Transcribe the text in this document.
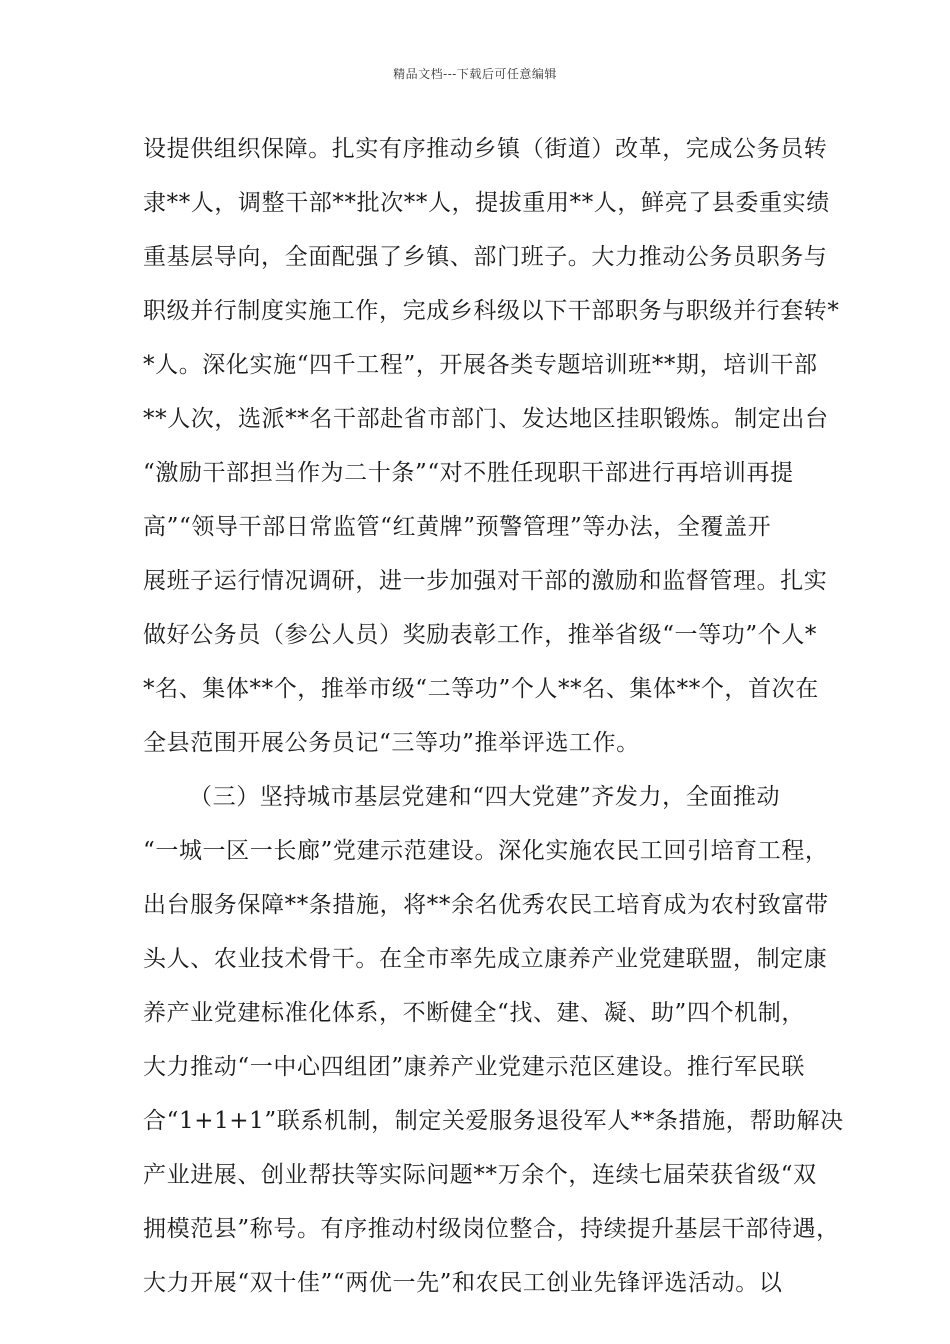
精品文档---下载后可任意编辑
设提供组织保障。扎实有序推动乡镇（街道）改革，完成公务员转
隶**人，调整干部**批次**人，提拔重用**人，鲜亮了县委重实绩
重基层导向，全面配强了乡镇、部门班子。大力推动公务员职务与
职级并行制度实施工作，完成乡科级以下干部职务与职级并行套转*
*人。深化实施“四千工程”，开展各类专题培训班**期，培训干部
**人次，选派**名干部赴省市部门、发达地区挂职锻炼。制定出台
“激励干部担当作为二十条”“对不胜任现职干部进行再培训再提
高”“领导干部日常监管“红黄牌”预警管理”等办法，全覆盖开
展班子运行情况调研，进一步加强对干部的激励和监督管理。扎实
做好公务员（参公人员）奖励表彰工作，推举省级“一等功”个人*
*名、集体**个，推举市级“二等功”个人**名、集体**个，首次在
全县范围开展公务员记“三等功”推举评选工作。
（三）坚持城市基层党建和“四大党建”齐发力，全面推动
“一城一区一长廊”党建示范建设。深化实施农民工回引培育工程，
出台服务保障**条措施，将**余名优秀农民工培育成为农村致富带
头人、农业技术骨干。在全市率先成立康养产业党建联盟，制定康
养产业党建标准化体系，不断健全“找、建、凝、助”四个机制，
大力推动“一中心四组团”康养产业党建示范区建设。推行军民联
合“1+1+1”联系机制，制定关爱服务退役军人**条措施，帮助解决
产业进展、创业帮扶等实际问题**万余个，连续七届荣获省级“双
拥模范县”称号。有序推动村级岗位整合，持续提升基层干部待遇，
大力开展“双十佳”“两优一先”和农民工创业先锋评选活动。以
